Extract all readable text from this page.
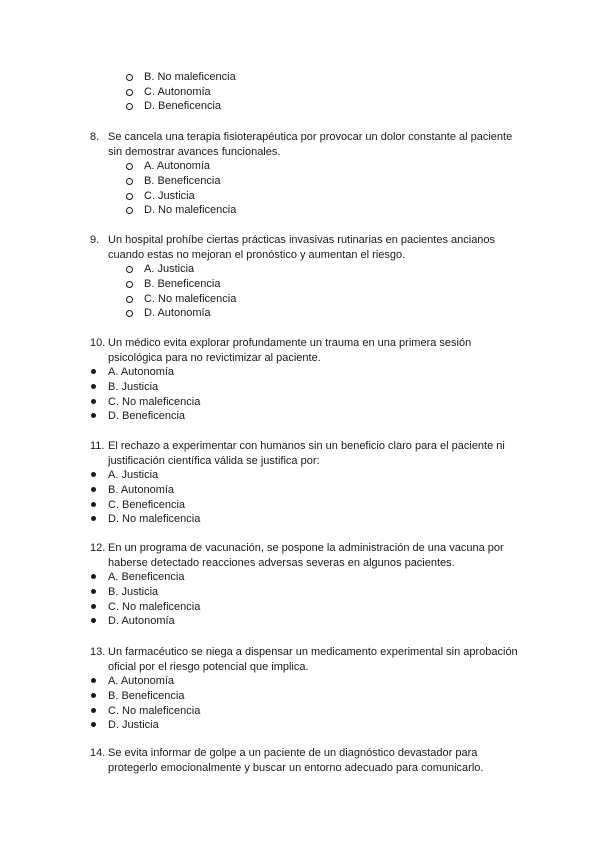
B. No maleficencia
C. Autonomía
D. Beneficencia
8. Se cancela una terapia fisioterapéutica por provocar un dolor constante al paciente
sin demostrar avances funcionales.
A. Autonomía
B. Beneficencia
C. Justicia
D. No maleficencia
9. Un hospital prohíbe ciertas prácticas invasivas rutinarias en pacientes ancianos
cuando estas no mejoran el pronóstico y aumentan el riesgo.
A. Justicia
B. Beneficencia
C. No maleficencia
D. Autonomía
10. Un médico evita explorar profundamente un trauma en una primera sesión
psicológica para no revictimizar al paciente.
A. Autonomía
B. Justicia
C. No maleficencia
D. Beneficencia
11. El rechazo a experimentar con humanos sin un beneficio claro para el paciente ni
justificación científica válida se justifica por:
A. Justicia
B. Autonomía
C. Beneficencia
D. No maleficencia
12. En un programa de vacunación, se pospone la administración de una vacuna por
haberse detectado reacciones adversas severas en algunos pacientes.
A. Beneficencia
B. Justicia
C. No maleficencia
D. Autonomía
13. Un farmacéutico se niega a dispensar un medicamento experimental sin aprobación
oficial por el riesgo potencial que implica.
A. Autonomía
B. Beneficencia
C. No maleficencia
D. Justicia
14. Se evita informar de golpe a un paciente de un diagnóstico devastador para
protegerlo emocionalmente y buscar un entorno adecuado para comunicarlo.
